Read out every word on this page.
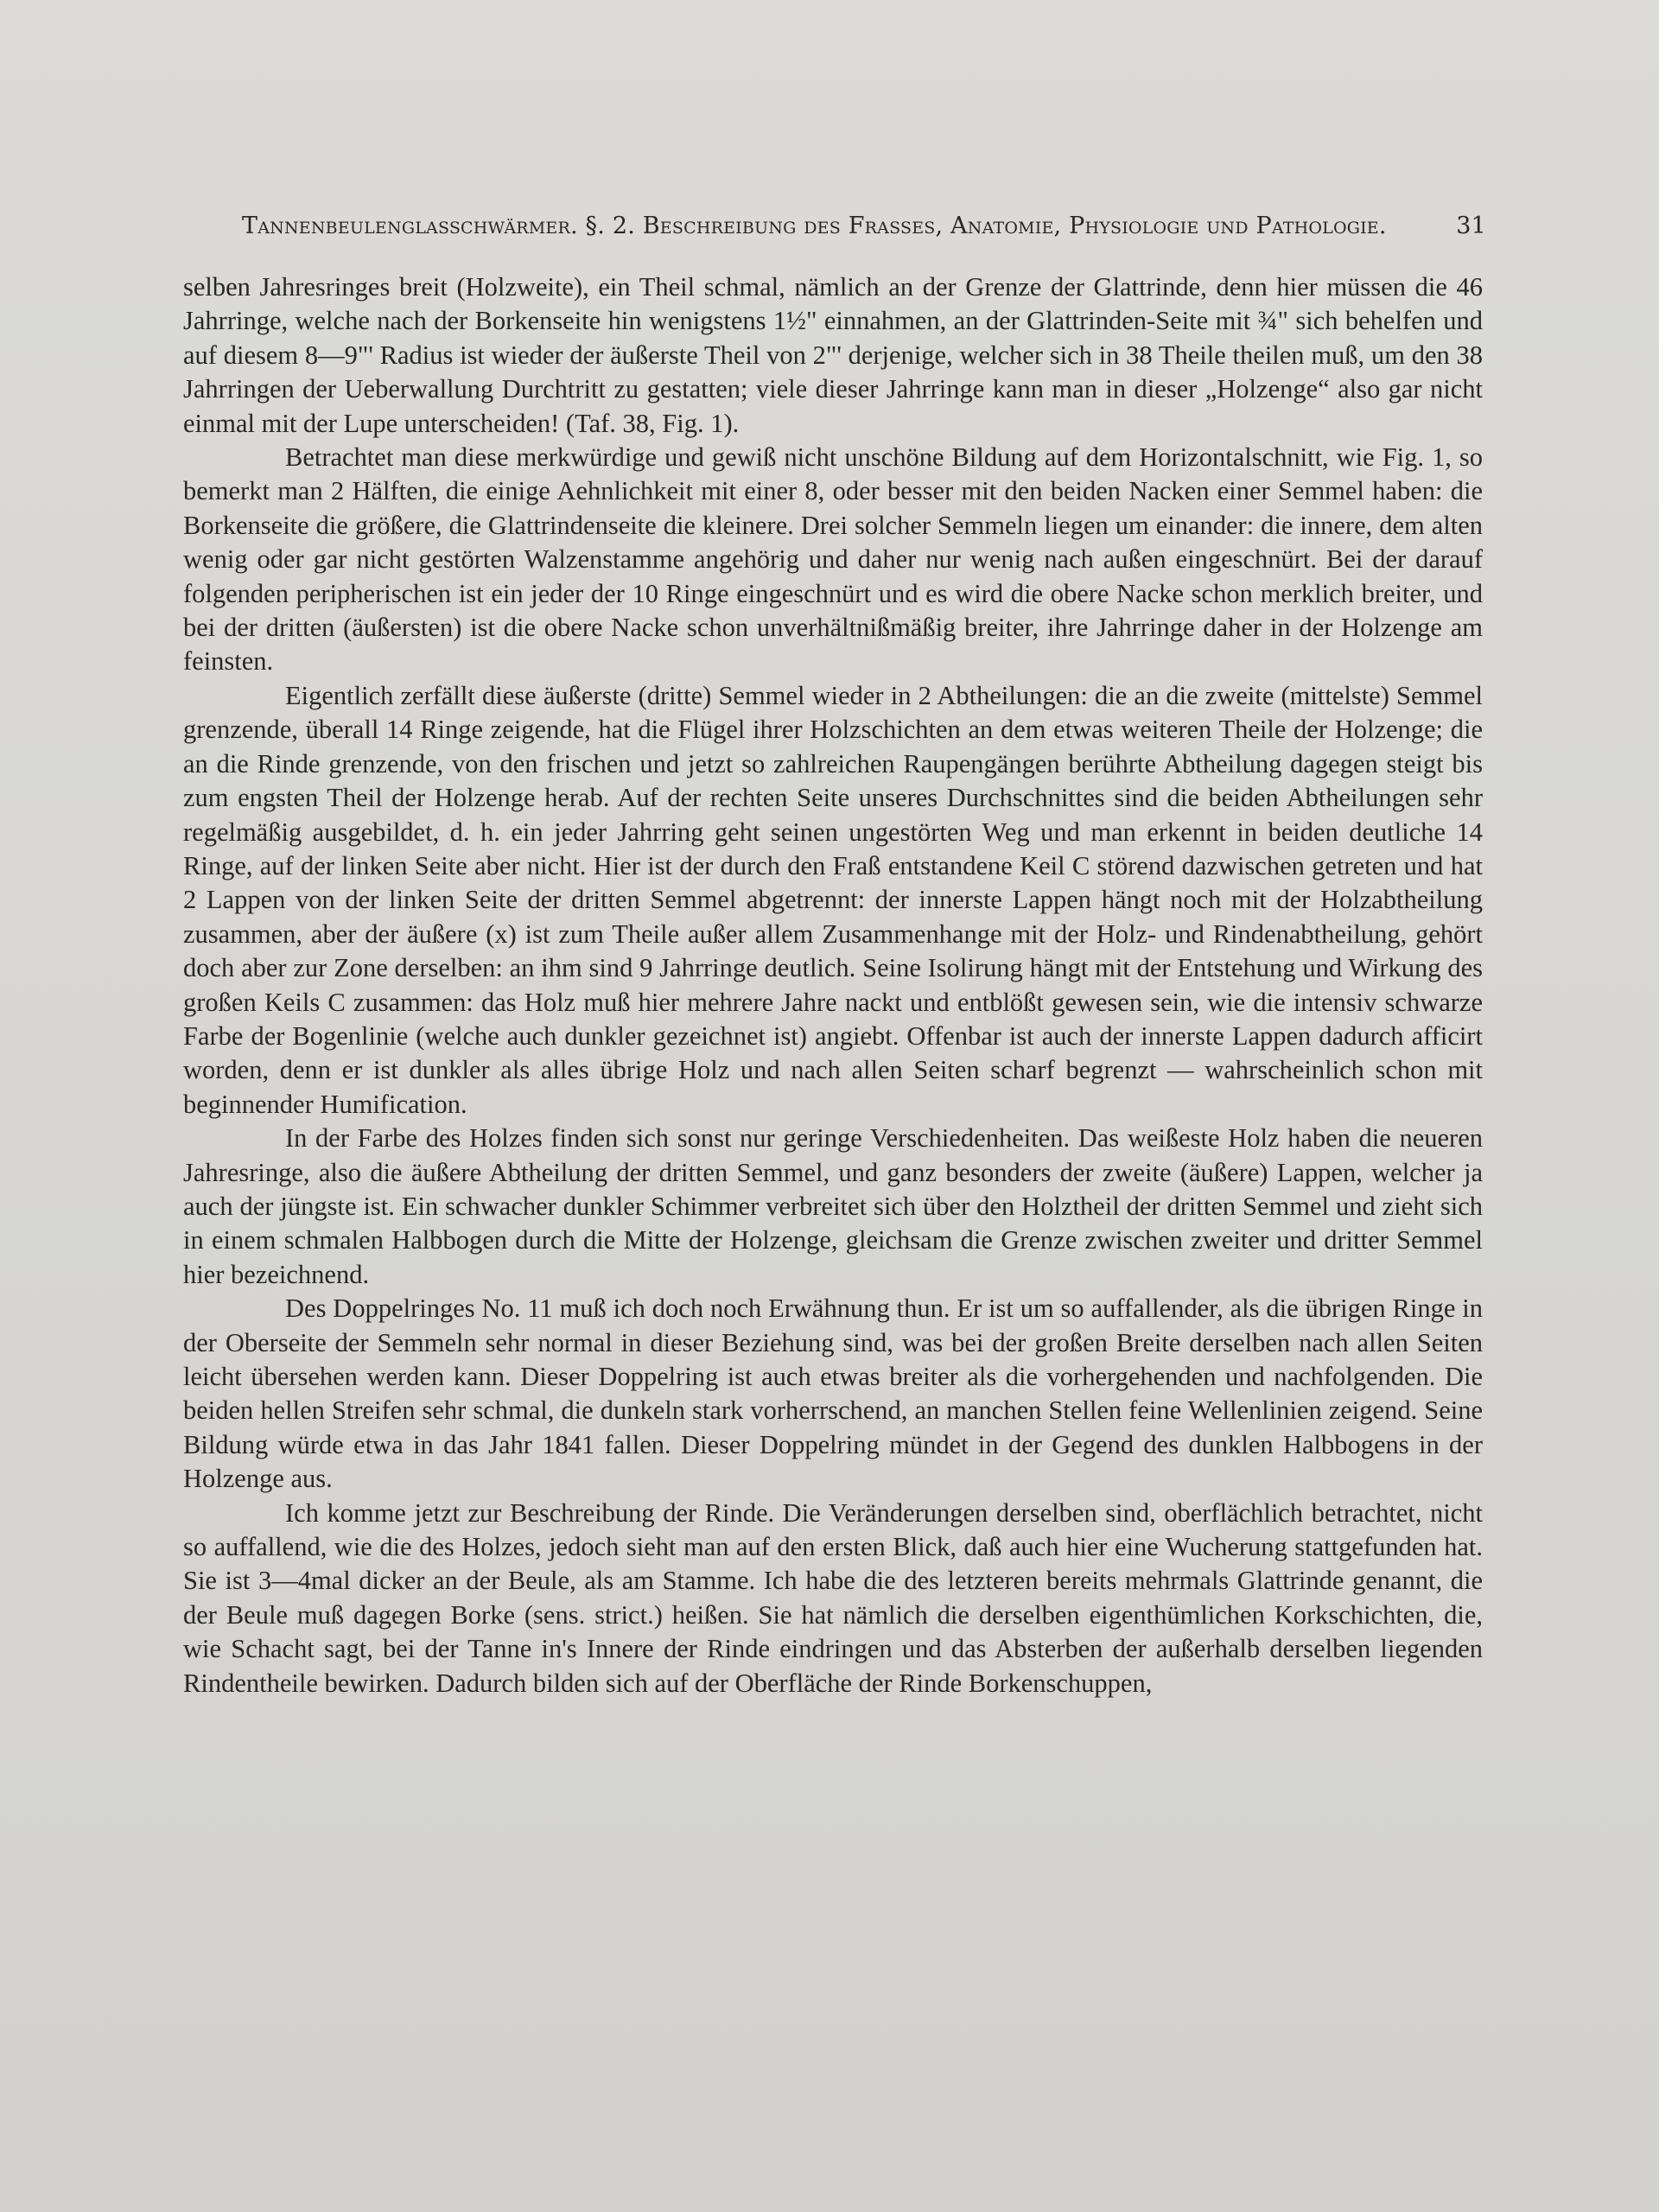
Tannenbeulenglasschwärmer. §. 2. Beschreibung des Frasses, Anatomie, Physiologie und Pathologie.	31

selben Jahresringes breit (Holzweite), ein Theil schmal, nämlich an der Grenze der Glattrinde, denn hier müssen die 46 Jahrringe, welche nach der Borkenseite hin wenigstens 1½" einnahmen, an der Glattrinden-Seite mit ¾" sich behelfen und auf diesem 8—9"' Radius ist wieder der äußerste Theil von 2"' derjenige, welcher sich in 38 Theile theilen muß, um den 38 Jahrringen der Ueberwallung Durchtritt zu gestatten; viele dieser Jahrringe kann man in dieser „Holzenge“ also gar nicht einmal mit der Lupe unterscheiden! (Taf. 38, Fig. 1).

Betrachtet man diese merkwürdige und gewiß nicht unschöne Bildung auf dem Horizontalschnitt, wie Fig. 1, so bemerkt man 2 Hälften, die einige Aehnlichkeit mit einer 8, oder besser mit den beiden Nacken einer Semmel haben: die Borkenseite die größere, die Glattrindenseite die kleinere. Drei solcher Semmeln liegen um einander: die innere, dem alten wenig oder gar nicht gestörten Walzenstamme angehörig und daher nur wenig nach außen eingeschnürt. Bei der darauf folgenden peripherischen ist ein jeder der 10 Ringe eingeschnürt und es wird die obere Nacke schon merklich breiter, und bei der dritten (äußersten) ist die obere Nacke schon unverhältnißmäßig breiter, ihre Jahrringe daher in der Holzenge am feinsten.

Eigentlich zerfällt diese äußerste (dritte) Semmel wieder in 2 Abtheilungen: die an die zweite (mittelste) Semmel grenzende, überall 14 Ringe zeigende, hat die Flügel ihrer Holzschichten an dem etwas weiteren Theile der Holzenge; die an die Rinde grenzende, von den frischen und jetzt so zahlreichen Raupengängen berührte Abtheilung dagegen steigt bis zum engsten Theil der Holzenge herab. Auf der rechten Seite unseres Durchschnittes sind die beiden Abtheilungen sehr regelmäßig ausgebildet, d. h. ein jeder Jahrring geht seinen ungestörten Weg und man erkennt in beiden deutliche 14 Ringe, auf der linken Seite aber nicht. Hier ist der durch den Fraß entstandene Keil C störend dazwischen getreten und hat 2 Lappen von der linken Seite der dritten Semmel abgetrennt: der innerste Lappen hängt noch mit der Holzabtheilung zusammen, aber der äußere (x) ist zum Theile außer allem Zusammenhange mit der Holz- und Rindenabtheilung, gehört doch aber zur Zone derselben: an ihm sind 9 Jahrringe deutlich. Seine Isolirung hängt mit der Entstehung und Wirkung des großen Keils C zusammen: das Holz muß hier mehrere Jahre nackt und entblößt gewesen sein, wie die intensiv schwarze Farbe der Bogenlinie (welche auch dunkler gezeichnet ist) angiebt. Offenbar ist auch der innerste Lappen dadurch afficirt worden, denn er ist dunkler als alles übrige Holz und nach allen Seiten scharf begrenzt — wahrscheinlich schon mit beginnender Humification.

In der Farbe des Holzes finden sich sonst nur geringe Verschiedenheiten. Das weißeste Holz haben die neueren Jahresringe, also die äußere Abtheilung der dritten Semmel, und ganz besonders der zweite (äußere) Lappen, welcher ja auch der jüngste ist. Ein schwacher dunkler Schimmer verbreitet sich über den Holztheil der dritten Semmel und zieht sich in einem schmalen Halbbogen durch die Mitte der Holzenge, gleichsam die Grenze zwischen zweiter und dritter Semmel hier bezeichnend.

Des Doppelringes No. 11 muß ich doch noch Erwähnung thun. Er ist um so auffallender, als die übrigen Ringe in der Oberseite der Semmeln sehr normal in dieser Beziehung sind, was bei der großen Breite derselben nach allen Seiten leicht übersehen werden kann. Dieser Doppelring ist auch etwas breiter als die vorhergehenden und nachfolgenden. Die beiden hellen Streifen sehr schmal, die dunkeln stark vorherrschend, an manchen Stellen feine Wellenlinien zeigend. Seine Bildung würde etwa in das Jahr 1841 fallen. Dieser Doppelring mündet in der Gegend des dunklen Halbbogens in der Holzenge aus.

Ich komme jetzt zur Beschreibung der Rinde. Die Veränderungen derselben sind, oberflächlich betrachtet, nicht so auffallend, wie die des Holzes, jedoch sieht man auf den ersten Blick, daß auch hier eine Wucherung stattgefunden hat. Sie ist 3—4mal dicker an der Beule, als am Stamme. Ich habe die des letzteren bereits mehrmals Glattrinde genannt, die der Beule muß dagegen Borke (sens. strict.) heißen. Sie hat nämlich die derselben eigenthümlichen Korkschichten, die, wie Schacht sagt, bei der Tanne in's Innere der Rinde eindringen und das Absterben der außerhalb derselben liegenden Rindentheile bewirken. Dadurch bilden sich auf der Oberfläche der Rinde Borkenschuppen,
